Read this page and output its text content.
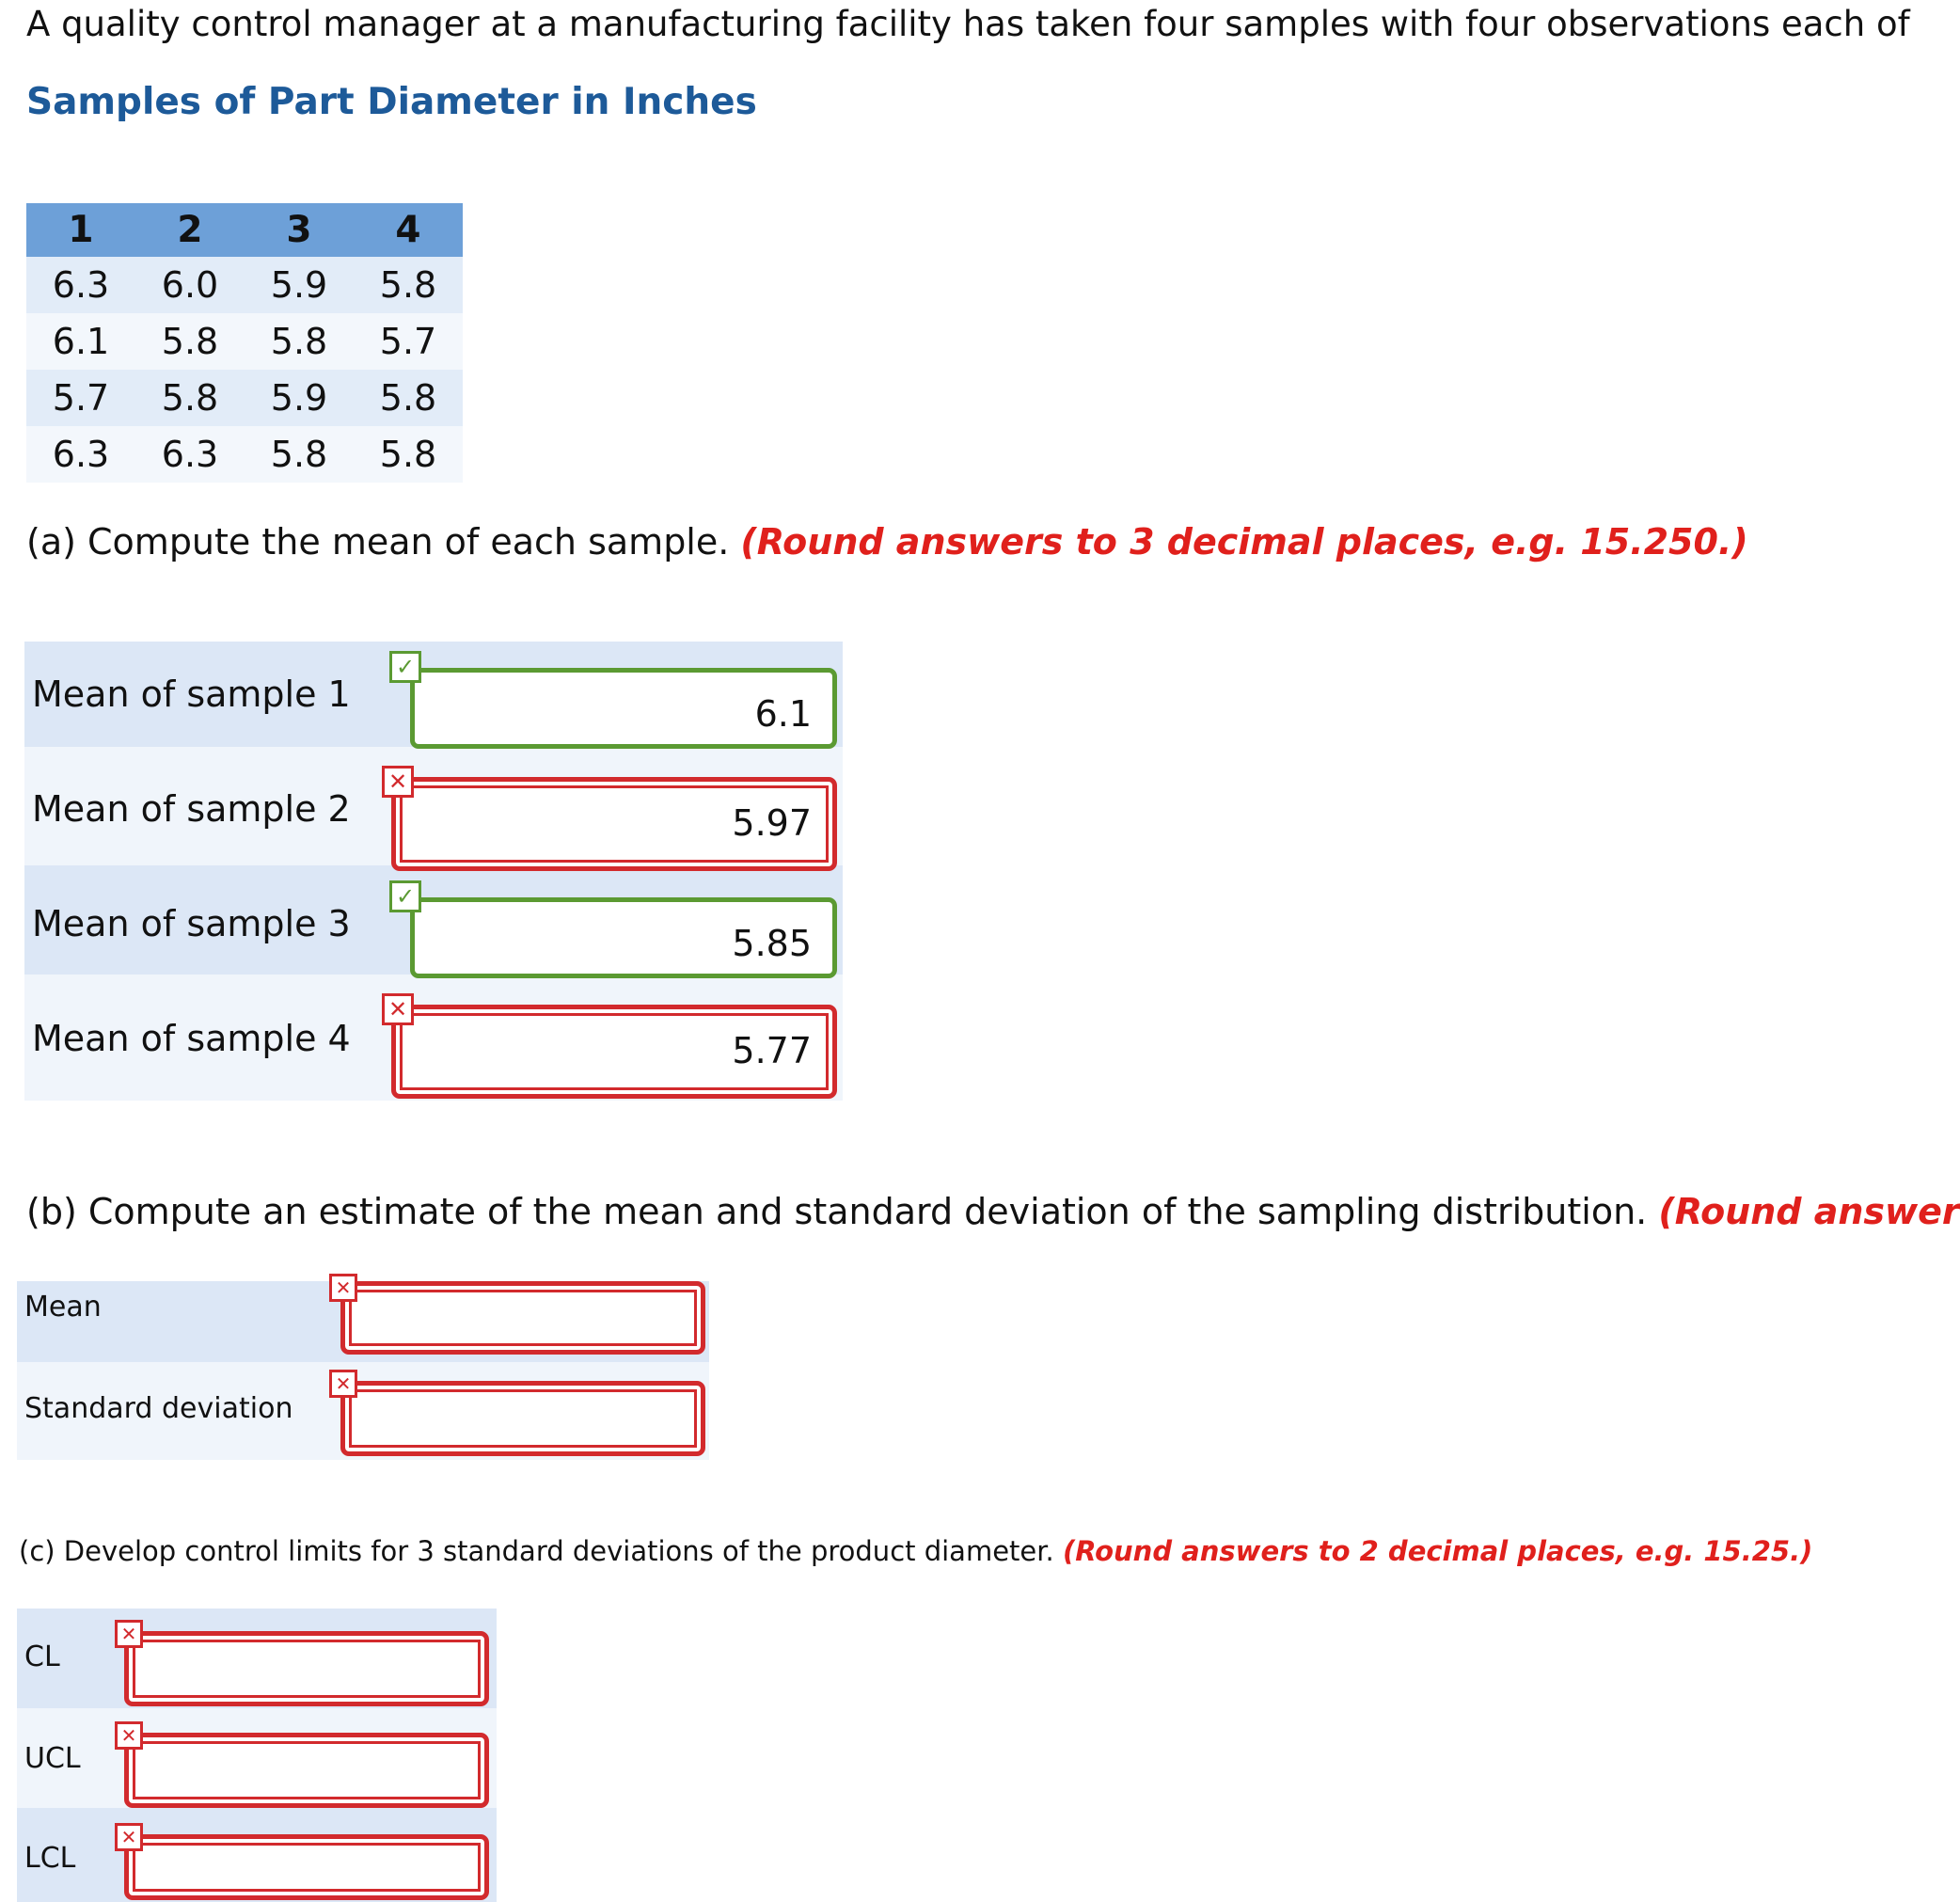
A quality control manager at a manufacturing facility has taken four samples with four observations each of
Samples of Part Diameter in Inches
1	2	3	4
6.3	6.0	5.9	5.8
6.1	5.8	5.8	5.7
5.7	5.8	5.9	5.8
6.3	6.3	5.8	5.8
(a) Compute the mean of each sample. (Round answers to 3 decimal places, e.g. 15.250.)
Mean of sample 1	6.1
✓
Mean of sample 2	5.97
✕
Mean of sample 3	5.85
✓
Mean of sample 4	5.77
✕
(b) Compute an estimate of the mean and standard deviation of the sampling distribution. (Round answer
Mean
✕
Standard deviation
✕
(c) Develop control limits for 3 standard deviations of the product diameter. (Round answers to 2 decimal places, e.g. 15.25.)
CL
✕
UCL
✕
LCL
✕
